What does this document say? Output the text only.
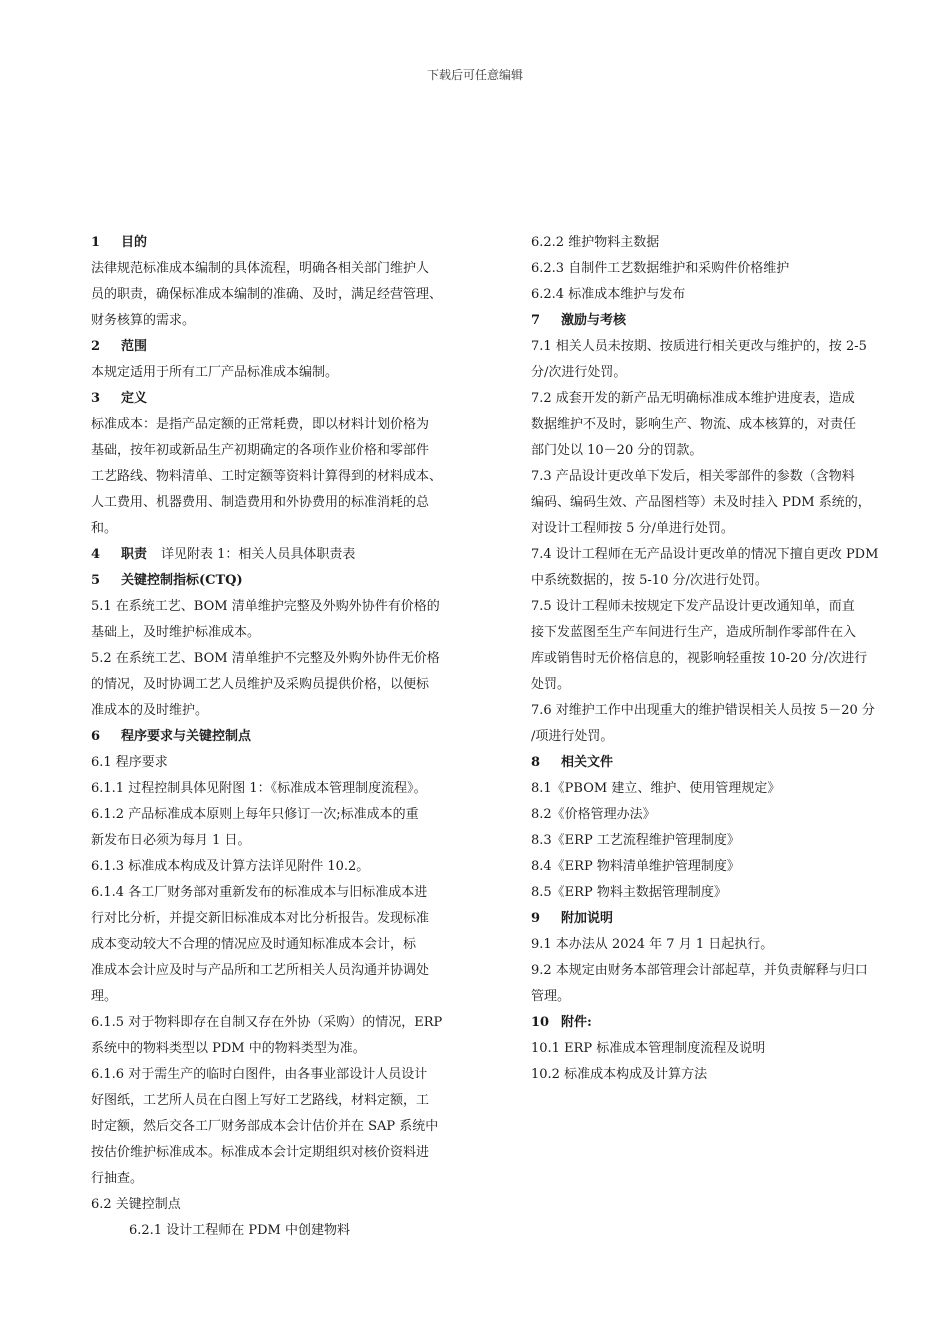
下载后可任意编辑
1 目的
法律规范标准成本编制的具体流程，明确各相关部门维护人
员的职责，确保标准成本编制的准确、及时，满足经营管理、
财务核算的需求。
2 范围
本规定适用于所有工厂产品标准成本编制。
3 定义
标准成本：是指产品定额的正常耗费，即以材料计划价格为
基础，按年初或新品生产初期确定的各项作业价格和零部件
工艺路线、物料清单、工时定额等资料计算得到的材料成本、
人工费用、机器费用、制造费用和外协费用的标准消耗的总
和。
4 职责 详见附表 1：相关人员具体职责表
5 关键控制指标(CTQ)
5.1 在系统工艺、BOM 清单维护完整及外购外协件有价格的
基础上，及时维护标准成本。
5.2 在系统工艺、BOM 清单维护不完整及外购外协件无价格
的情况，及时协调工艺人员维护及采购员提供价格，以便标
准成本的及时维护。
6 程序要求与关键控制点
6.1 程序要求
6.1.1 过程控制具体见附图 1：《标准成本管理制度流程》。
6.1.2 产品标准成本原则上每年只修订一次;标准成本的重
新发布日必须为每月 1 日。
6.1.3 标准成本构成及计算方法详见附件 10.2。
6.1.4 各工厂财务部对重新发布的标准成本与旧标准成本进
行对比分析，并提交新旧标准成本对比分析报告。发现标准
成本变动较大不合理的情况应及时通知标准成本会计，标
准成本会计应及时与产品所和工艺所相关人员沟通并协调处
理。
6.1.5 对于物料即存在自制又存在外协（采购）的情况，ERP
系统中的物料类型以 PDM 中的物料类型为准。
6.1.6 对于需生产的临时白图件，由各事业部设计人员设计
好图纸，工艺所人员在白图上写好工艺路线，材料定额，工
时定额，然后交各工厂财务部成本会计估价并在 SAP 系统中
按估价维护标准成本。标准成本会计定期组织对核价资料进
行抽查。
6.2 关键控制点
6.2.1 设计工程师在 PDM 中创建物料
6.2.2 维护物料主数据
6.2.3 自制件工艺数据维护和采购件价格维护
6.2.4 标准成本维护与发布
7 激励与考核
7.1 相关人员未按期、按质进行相关更改与维护的，按 2-5
分/次进行处罚。
7.2 成套开发的新产品无明确标准成本维护进度表，造成
数据维护不及时，影响生产、物流、成本核算的，对责任
部门处以 10－20 分的罚款。
7.3 产品设计更改单下发后，相关零部件的参数（含物料
编码、编码生效、产品图档等）未及时挂入 PDM 系统的，
对设计工程师按 5 分/单进行处罚。
7.4 设计工程师在无产品设计更改单的情况下擅自更改 PDM
中系统数据的，按 5-10 分/次进行处罚。
7.5 设计工程师未按规定下发产品设计更改通知单，而直
接下发蓝图至生产车间进行生产，造成所制作零部件在入
库或销售时无价格信息的，视影响轻重按 10-20 分/次进行
处罚。
7.6 对维护工作中出现重大的维护错误相关人员按 5－20 分
/项进行处罚。
8 相关文件
8.1《PBOM 建立、维护、使用管理规定》
8.2《价格管理办法》
8.3《ERP 工艺流程维护管理制度》
8.4《ERP 物料清单维护管理制度》
8.5《ERP 物料主数据管理制度》
9 附加说明
9.1 本办法从 2024 年 7 月 1 日起执行。
9.2 本规定由财务本部管理会计部起草，并负责解释与归口
管理。
10 附件:
10.1 ERP 标准成本管理制度流程及说明
10.2 标准成本构成及计算方法
